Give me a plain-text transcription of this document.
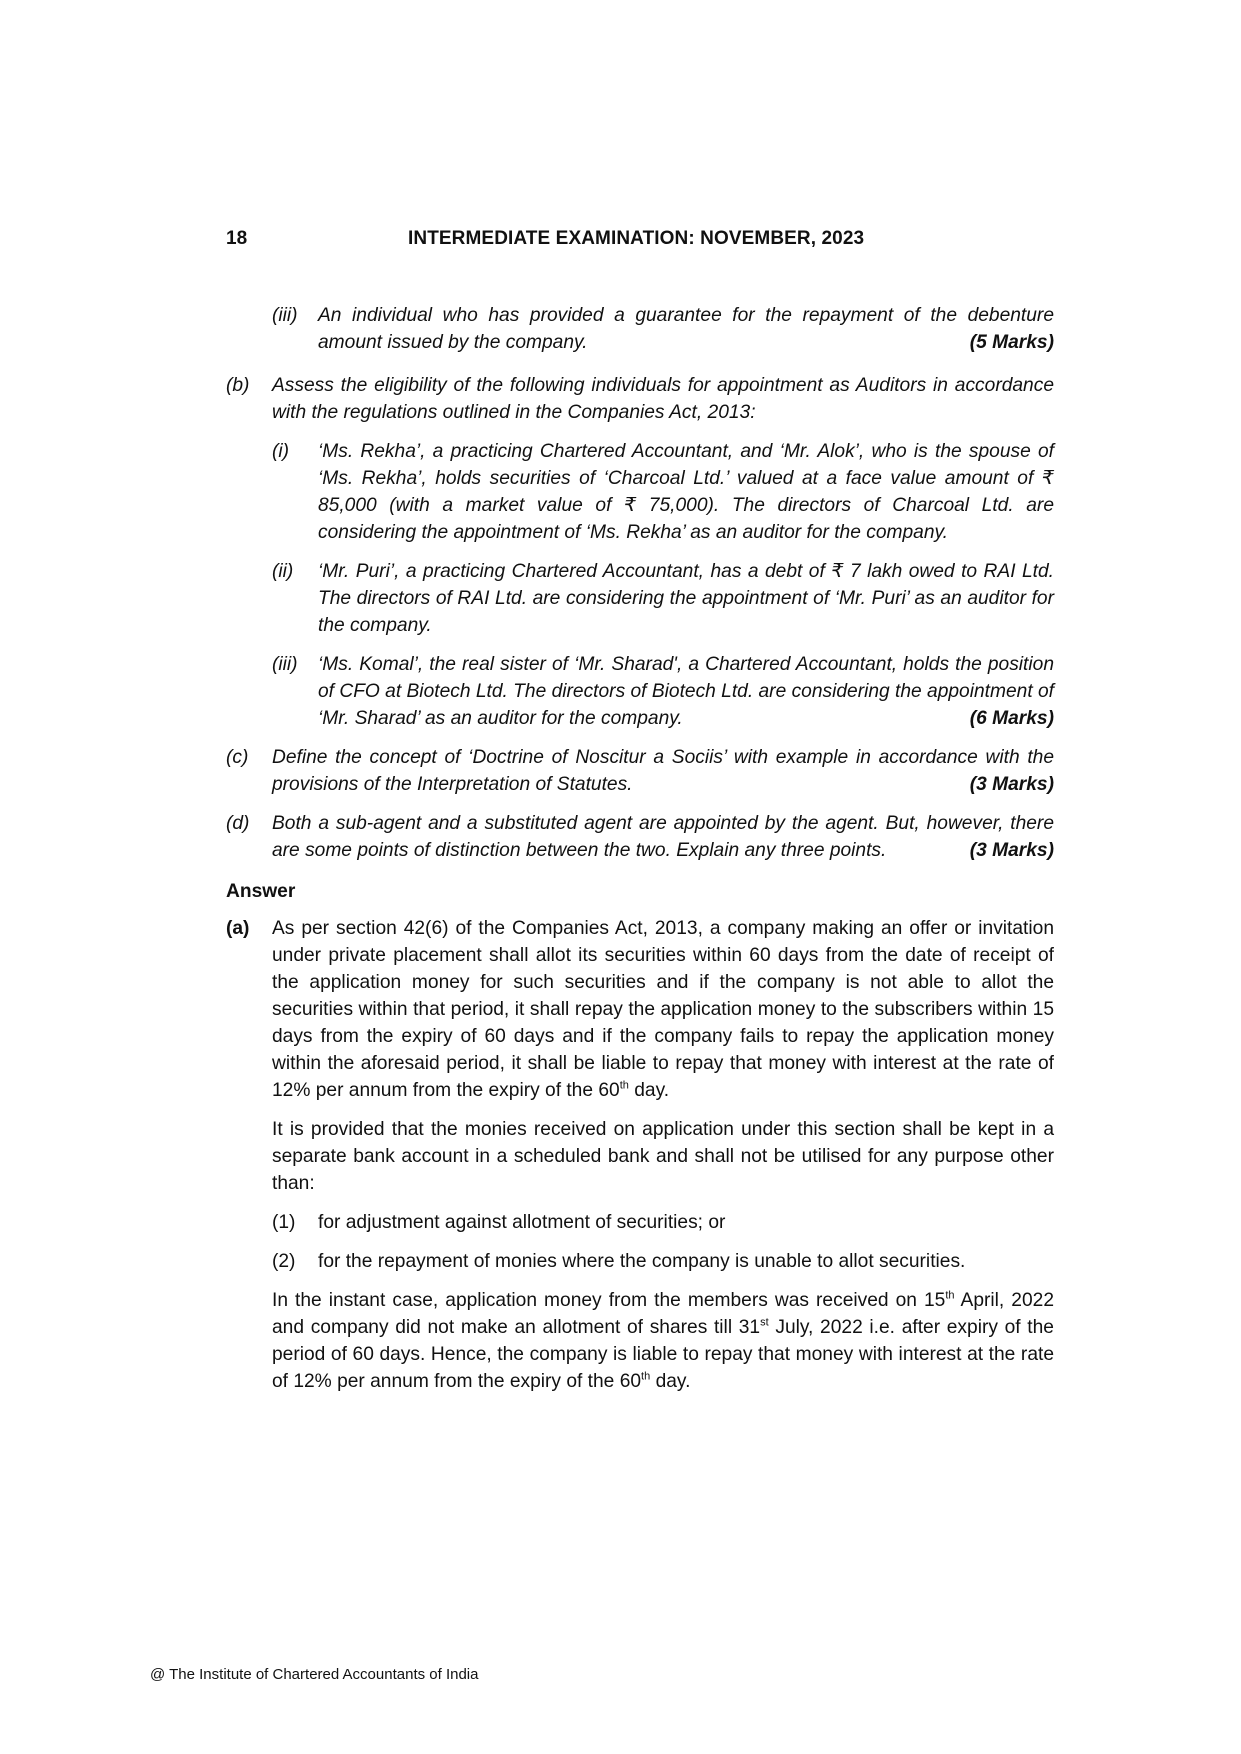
18	INTERMEDIATE EXAMINATION: NOVEMBER, 2023
(iii)	An individual who has provided a guarantee for the repayment of the debenture amount issued by the company.	(5 Marks)
(b)	Assess the eligibility of the following individuals for appointment as Auditors in accordance with the regulations outlined in the Companies Act, 2013:
(i)	‘Ms. Rekha’, a practicing Chartered Accountant, and ‘Mr. Alok’, who is the spouse of ‘Ms. Rekha’, holds securities of ‘Charcoal Ltd.’ valued at a face value amount of ₹ 85,000 (with a market value of ₹ 75,000). The directors of Charcoal Ltd. are considering the appointment of ‘Ms. Rekha’ as an auditor for the company.
(ii)	‘Mr. Puri’, a practicing Chartered Accountant, has a debt of ₹ 7 lakh owed to RAI Ltd. The directors of RAI Ltd. are considering the appointment of ‘Mr. Puri’ as an auditor for the company.
(iii)	‘Ms. Komal’, the real sister of ‘Mr. Sharad', a Chartered Accountant, holds the position of CFO at Biotech Ltd. The directors of Biotech Ltd. are considering the appointment of ‘Mr. Sharad’ as an auditor for the company.	(6 Marks)
(c)	Define the concept of ‘Doctrine of Noscitur a Sociis’ with example in accordance with the provisions of the Interpretation of Statutes.	(3 Marks)
(d)	Both a sub-agent and a substituted agent are appointed by the agent. But, however, there are some points of distinction between the two. Explain any three points.	(3 Marks)
Answer
(a)	As per section 42(6) of the Companies Act, 2013, a company making an offer or invitation under private placement shall allot its securities within 60 days from the date of receipt of the application money for such securities and if the company is not able to allot the securities within that period, it shall repay the application money to the subscribers within 15 days from the expiry of 60 days and if the company fails to repay the application money within the aforesaid period, it shall be liable to repay that money with interest at the rate of 12% per annum from the expiry of the 60th day.
It is provided that the monies received on application under this section shall be kept in a separate bank account in a scheduled bank and shall not be utilised for any purpose other than:
(1)	for adjustment against allotment of securities; or
(2)	for the repayment of monies where the company is unable to allot securities.
In the instant case, application money from the members was received on 15th April, 2022 and company did not make an allotment of shares till 31st July, 2022 i.e. after expiry of the period of 60 days. Hence, the company is liable to repay that money with interest at the rate of 12% per annum from the expiry of the 60th day.
@ The Institute of Chartered Accountants of India
